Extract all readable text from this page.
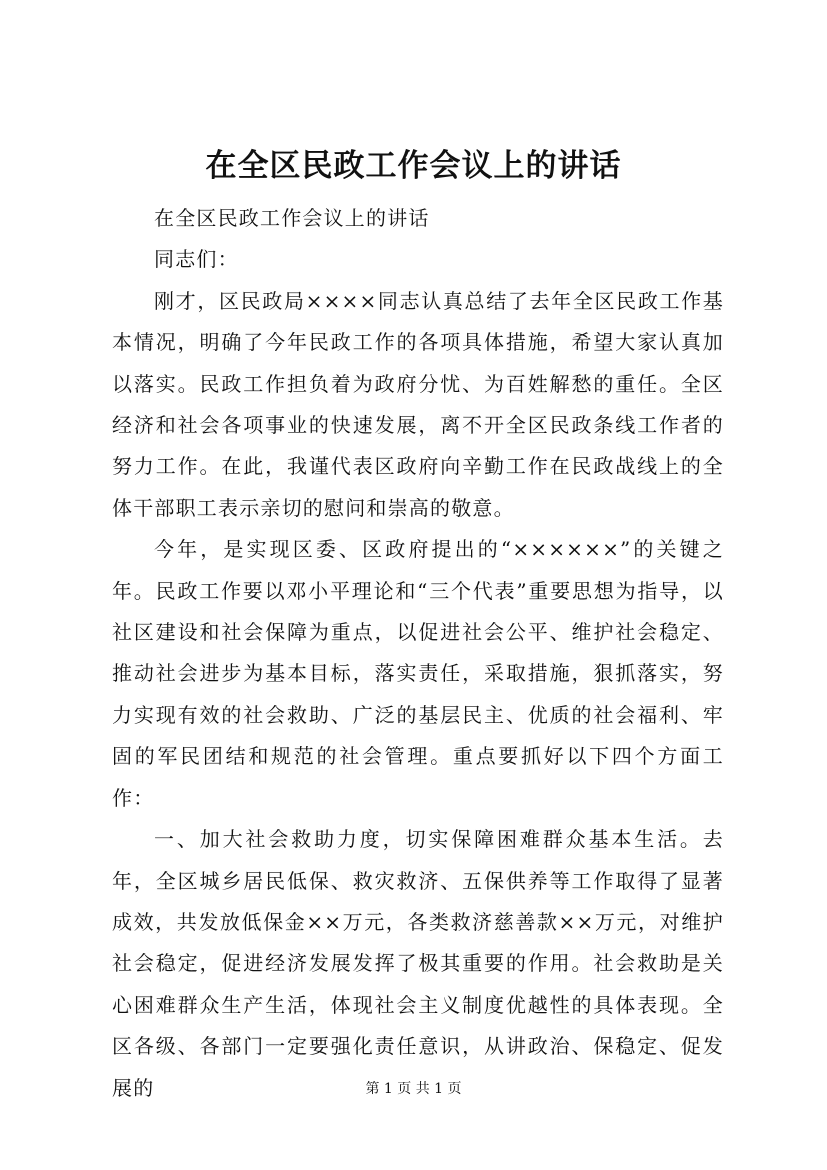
在全区民政工作会议上的讲话

在全区民政工作会议上的讲话

同志们：

刚才，区民政局××××同志认真总结了去年全区民政工作基本情况，明确了今年民政工作的各项具体措施，希望大家认真加以落实。民政工作担负着为政府分忧、为百姓解愁的重任。全区经济和社会各项事业的快速发展，离不开全区民政条线工作者的努力工作。在此，我谨代表区政府向辛勤工作在民政战线上的全体干部职工表示亲切的慰问和崇高的敬意。

今年，是实现区委、区政府提出的“××××××”的关键之年。民政工作要以邓小平理论和“三个代表”重要思想为指导，以社区建设和社会保障为重点，以促进社会公平、维护社会稳定、推动社会进步为基本目标，落实责任，采取措施，狠抓落实，努力实现有效的社会救助、广泛的基层民主、优质的社会福利、牢固的军民团结和规范的社会管理。重点要抓好以下四个方面工作：

一、加大社会救助力度，切实保障困难群众基本生活。去年，全区城乡居民低保、救灾救济、五保供养等工作取得了显著成效，共发放低保金××万元，各类救济慈善款××万元，对维护社会稳定，促进经济发展发挥了极其重要的作用。社会救助是关心困难群众生产生活，体现社会主义制度优越性的具体表现。全区各级、各部门一定要强化责任意识，从讲政治、保稳定、促发展的	第 1 页 共 1 页
